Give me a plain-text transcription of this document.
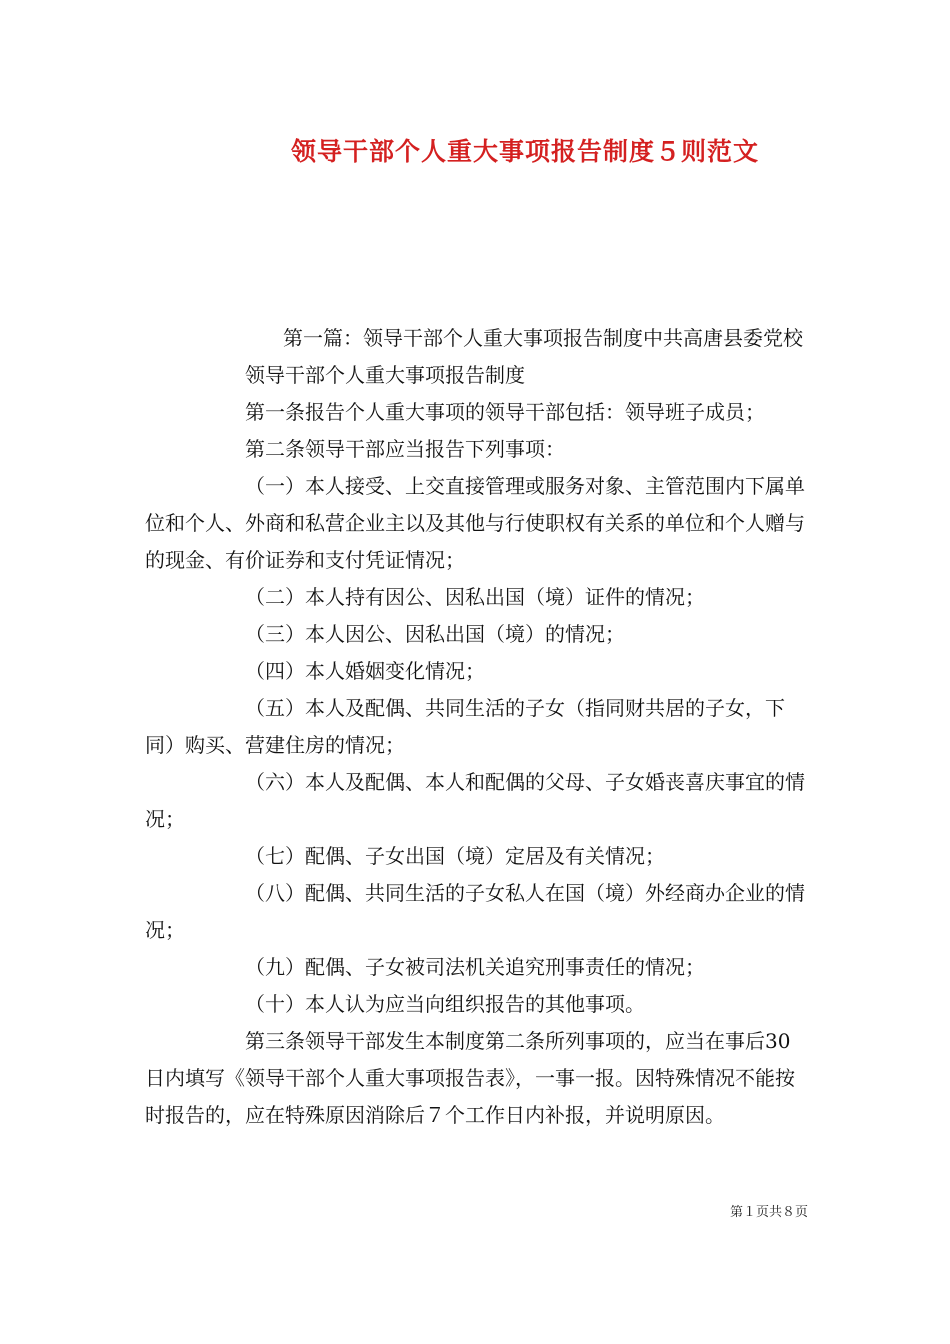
领导干部个人重大事项报告制度５则范文

第一篇：领导干部个人重大事项报告制度中共高唐县委党校

领导干部个人重大事项报告制度

第一条报告个人重大事项的领导干部包括：领导班子成员；

第二条领导干部应当报告下列事项：

（一）本人接受、上交直接管理或服务对象、主管范围内下属单位和个人、外商和私营企业主以及其他与行使职权有关系的单位和个人赠与的现金、有价证券和支付凭证情况；

（二）本人持有因公、因私出国（境）证件的情况；

（三）本人因公、因私出国（境）的情况；

（四）本人婚姻变化情况；

（五）本人及配偶、共同生活的子女（指同财共居的子女，下同）购买、营建住房的情况；

（六）本人及配偶、本人和配偶的父母、子女婚丧喜庆事宜的情况；

（七）配偶、子女出国（境）定居及有关情况；

（八）配偶、共同生活的子女私人在国（境）外经商办企业的情况；

（九）配偶、子女被司法机关追究刑事责任的情况；

（十）本人认为应当向组织报告的其他事项。

第三条领导干部发生本制度第二条所列事项的，应当在事后30日内填写《领导干部个人重大事项报告表》，一事一报。因特殊情况不能按时报告的，应在特殊原因消除后７个工作日内补报，并说明原因。

第１页共８页
